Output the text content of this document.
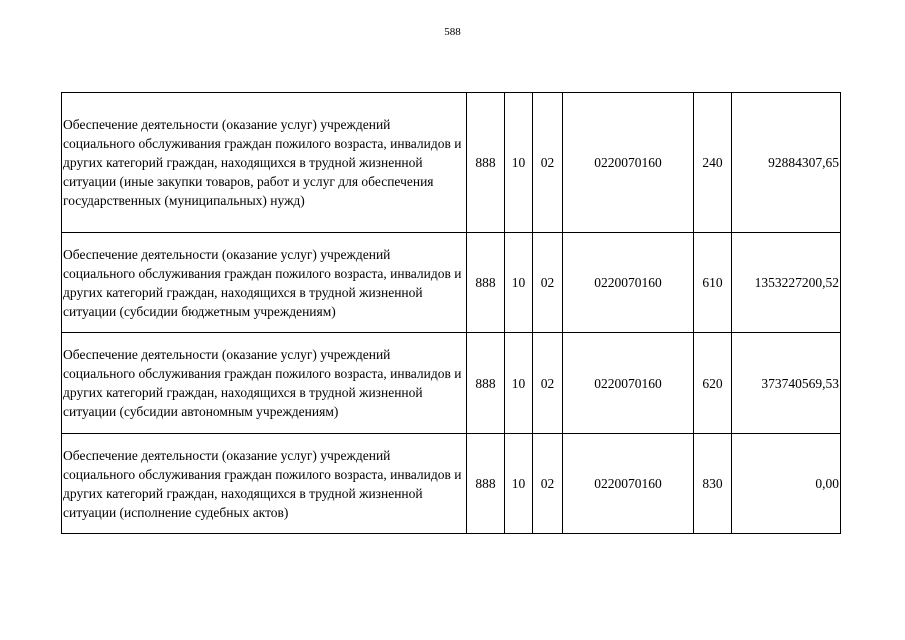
588
Обеспечение деятельности (оказание услуг) учреждений социального обслуживания граждан пожилого возраста, инвалидов и других категорий граждан, находящихся в трудной жизненной ситуации (иные закупки товаров, работ и услуг для обеспечения государственных (муниципальных) нужд)	888	10	02	0220070160	240	92884307,65
Обеспечение деятельности (оказание услуг) учреждений социального обслуживания граждан пожилого возраста, инвалидов и других категорий граждан, находящихся в трудной жизненной ситуации (субсидии бюджетным учреждениям)	888	10	02	0220070160	610	1353227200,52
Обеспечение деятельности (оказание услуг) учреждений социального обслуживания граждан пожилого возраста, инвалидов и других категорий граждан, находящихся в трудной жизненной ситуации (субсидии автономным учреждениям)	888	10	02	0220070160	620	373740569,53
Обеспечение деятельности (оказание услуг) учреждений социального обслуживания граждан пожилого возраста, инвалидов и других категорий граждан, находящихся в трудной жизненной ситуации (исполнение судебных актов)	888	10	02	0220070160	830	0,00
